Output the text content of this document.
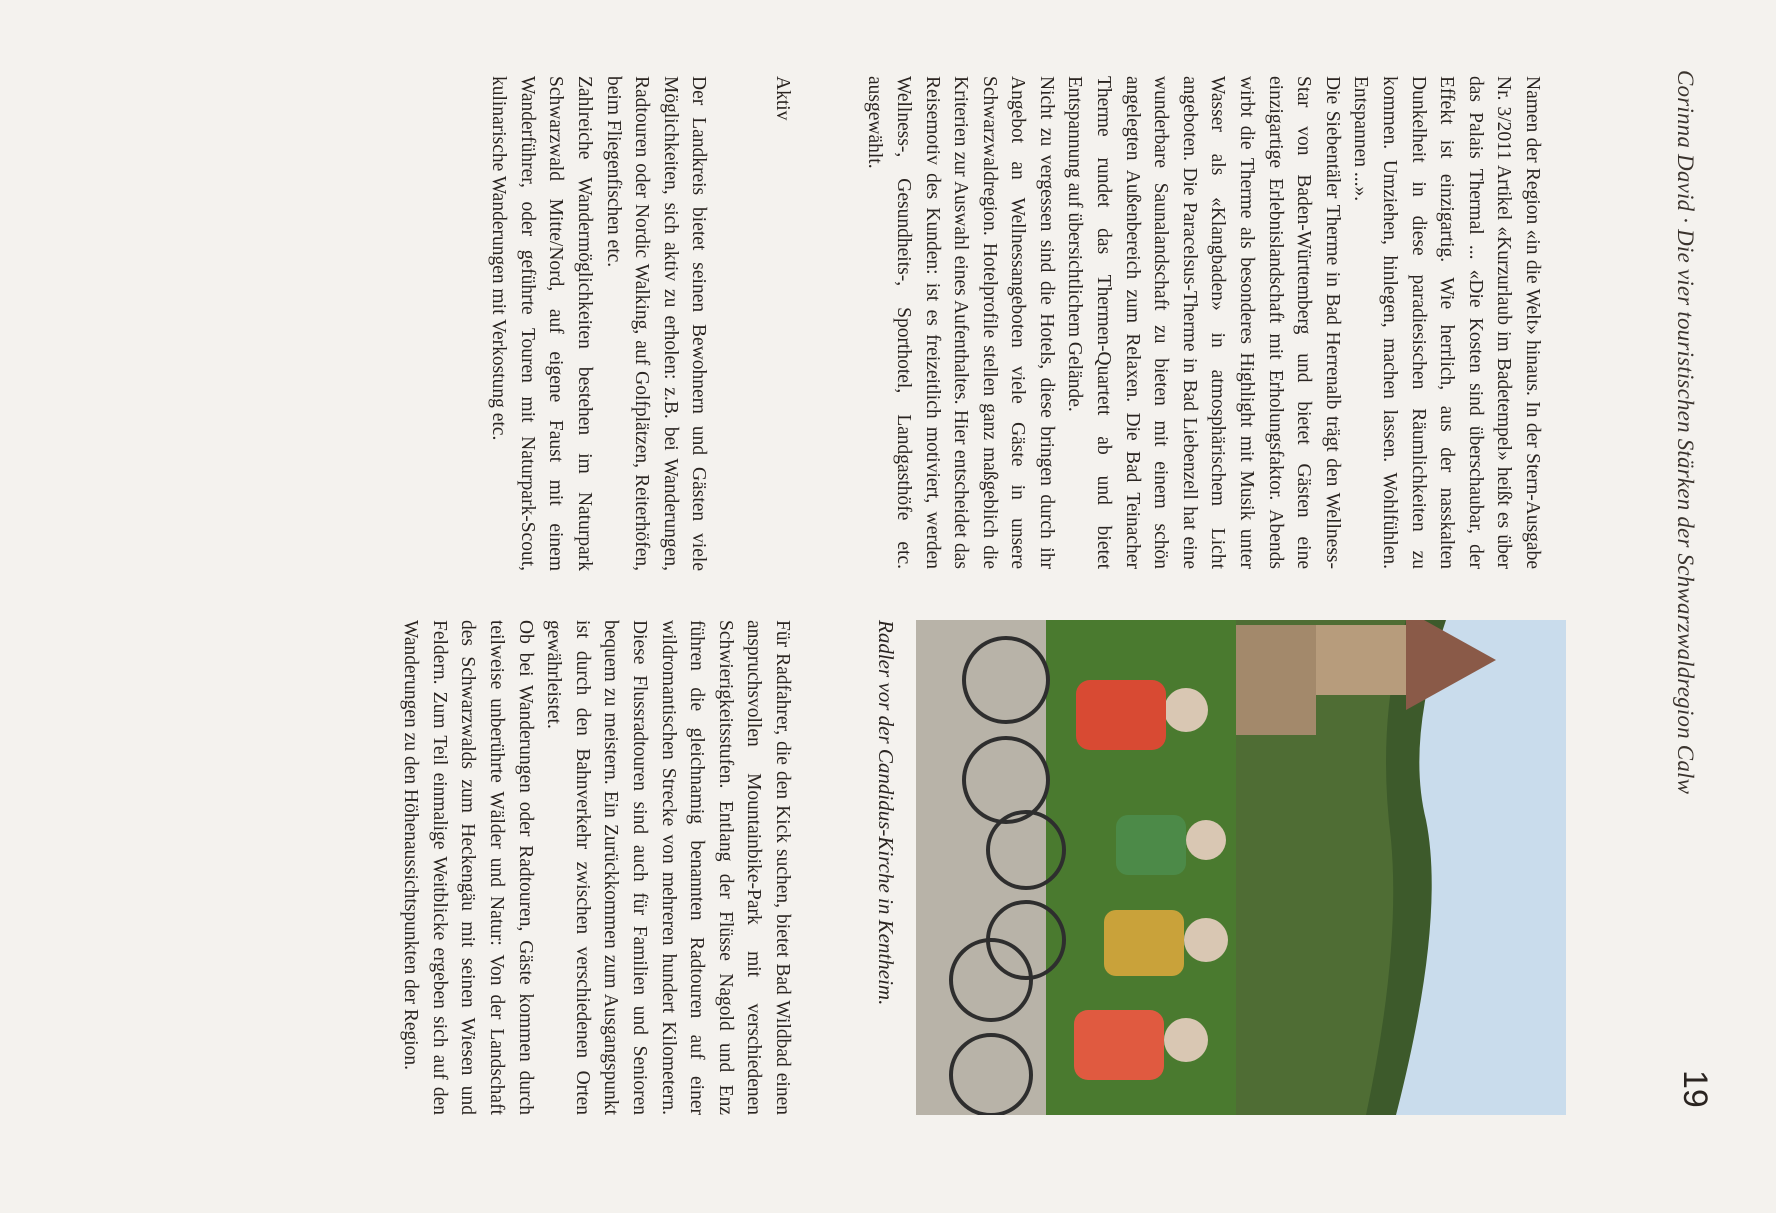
Corinna David · Die vier touristischen Stärken der Schwarzwaldregion Calw
19

Namen der Region «in die Welt» hinaus. In der Stern-Ausgabe Nr. 3/2011 Artikel «Kurzurlaub im Badetempel» heißt es über das Palais Thermal ... «Die Kosten sind überschaubar, der Effekt ist einzigartig. Wie herrlich, aus der nasskalten Dunkelheit in diese paradiesischen Räumlichkeiten zu kommen. Umziehen, hinlegen, machen lassen. Wohlfühlen. Entspannen ...».

Die Siebentäler Therme in Bad Herrenalb trägt den Wellness-Star von Baden-Württemberg und bietet Gästen eine einzigartige Erlebnislandschaft mit Erholungsfaktor. Abends wirbt die Therme als besonderes Highlight mit Musik unter Wasser als «Klangbaden» in atmosphärischem Licht angeboten. Die Paracelsus-Therme in Bad Liebenzell hat eine wunderbare Saunalandschaft zu bieten mit einem schön angelegten Außenbereich zum Relaxen. Die Bad Teinacher Therme rundet das Thermen-Quartett ab und bietet Entspannung auf übersichtlichem Gelände.

Nicht zu vergessen sind die Hotels, diese bringen durch ihr Angebot an Wellnessangeboten viele Gäste in unsere Schwarzwaldregion. Hotelprofile stellen ganz maßgeblich die Kriterien zur Auswahl eines Aufenthaltes. Hier entscheidet das Reisemotiv des Kunden: ist es freizeitlich motiviert, werden Wellness-, Gesundheits-, Sporthotel, Landgasthöfe etc. ausgewählt.

Radler vor der Candidus-Kirche in Kentheim.
Aktiv

Der Landkreis bietet seinen Bewohnern und Gästen viele Möglichkeiten, sich aktiv zu erholen: z.B. bei Wanderungen, Radtouren oder Nordic Walking, auf Golfplätzen, Reiterhöfen, beim Fliegenfischen etc.

Zahlreiche Wandermöglichkeiten bestehen im Naturpark Schwarzwald Mitte/Nord, auf eigene Faust mit einem Wanderführer, oder geführte Touren mit Naturpark-Scout, kulinarische Wanderungen mit Verkostung etc.

Für Radfahrer, die den Kick suchen, bietet Bad Wildbad einen anspruchsvollen Mountainbike-Park mit verschiedenen Schwierigkeitsstufen. Entlang der Flüsse Nagold und Enz führen die gleichnamig benannten Radtouren auf einer wildromantischen Strecke von mehreren hundert Kilometern. Diese Flussradtouren sind auch für Familien und Senioren bequem zu meistern. Ein Zurückkommen zum Ausgangspunkt ist durch den Bahnverkehr zwischen verschiedenen Orten gewährleistet.

Ob bei Wanderungen oder Radtouren, Gäste kommen durch teilweise unberührte Wälder und Natur: Von der Landschaft des Schwarzwalds zum Heckengäu mit seinen Wiesen und Feldern. Zum Teil einmalige Weitblicke ergeben sich auf den Wanderungen zu den Höhenaussichtspunkten der Region.
